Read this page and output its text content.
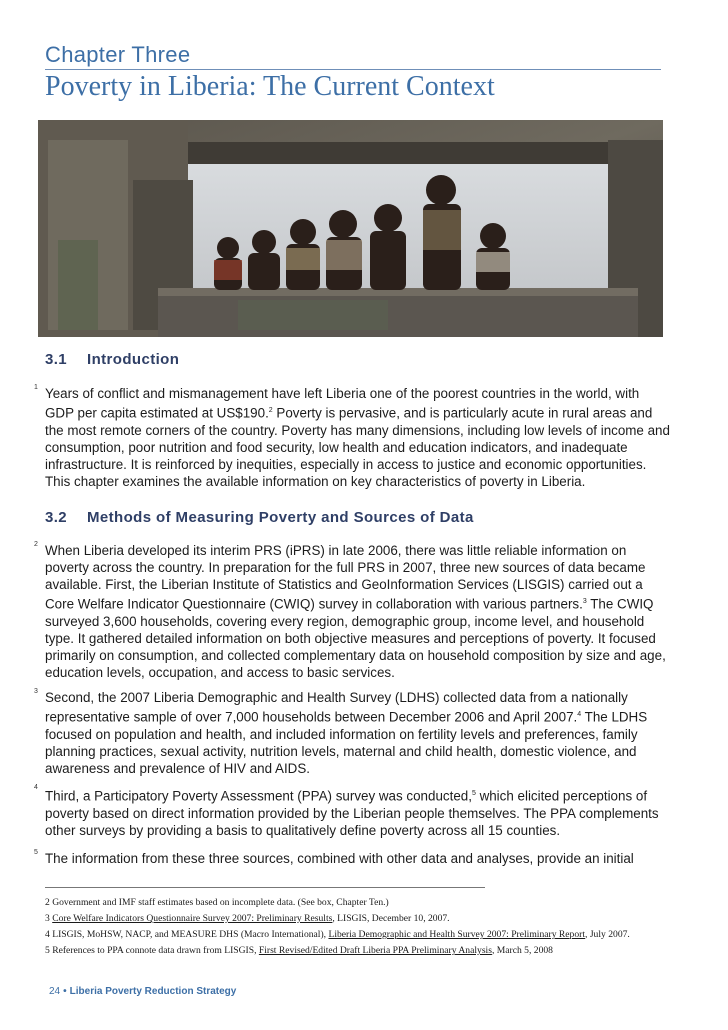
Chapter Three
Poverty in Liberia: The Current Context
3.1 Introduction
1 Years of conflict and mismanagement have left Liberia one of the poorest countries in the world, with GDP per capita estimated at US$190.$^2$ Poverty is pervasive, and is particularly acute in rural areas and the most remote corners of the country. Poverty has many dimensions, including low levels of income and consumption, poor nutrition and food security, low health and education indicators, and inadequate infrastructure. It is reinforced by inequities, especially in access to justice and economic opportunities. This chapter examines the available information on key characteristics of poverty in Liberia.

3.2 Methods of Measuring Poverty and Sources of Data
2 When Liberia developed its interim PRS (iPRS) in late 2006, there was little reliable information on poverty across the country. In preparation for the full PRS in 2007, three new sources of data became available. First, the Liberian Institute of Statistics and GeoInformation Services (LISGIS) carried out a Core Welfare Indicator Questionnaire (CWIQ) survey in collaboration with various partners.$^3$ The CWIQ surveyed 3,600 households, covering every region, demographic group, income level, and household type. It gathered detailed information on both objective measures and perceptions of poverty. It focused primarily on consumption, and collected complementary data on household composition by size and age, education levels, occupation, and access to basic services.

3 Second, the 2007 Liberia Demographic and Health Survey (LDHS) collected data from a nationally representative sample of over 7,000 households between December 2006 and April 2007.$^4$ The LDHS focused on population and health, and included information on fertility levels and preferences, family planning practices, sexual activity, nutrition levels, maternal and child health, domestic violence, and awareness and prevalence of HIV and AIDS.

4

Third, a Participatory Poverty Assessment (PPA) survey was conducted,$^5$ which elicited perceptions of poverty based on direct information provided by the Liberian people themselves. The PPA complements other surveys by providing a basis to qualitatively define poverty across all 15 counties.

5 The information from these three sources, combined with other data and analyses, provide an initial

2 Government and IMF staff estimates based on incomplete data. (See box, Chapter Ten.)
3 Core Welfare Indicators Questionnaire Survey 2007: Preliminary Results, LISGIS, December 10, 2007.
4 LISGIS, MoHSW, NACP, and MEASURE DHS (Macro International), Liberia Demographic and Health Survey 2007: Preliminary Report, July 2007.
5 References to PPA connote data drawn from LISGIS, First Revised/Edited Draft Liberia PPA Preliminary Analysis, March 5, 2008
24 • Liberia Poverty Reduction Strategy
